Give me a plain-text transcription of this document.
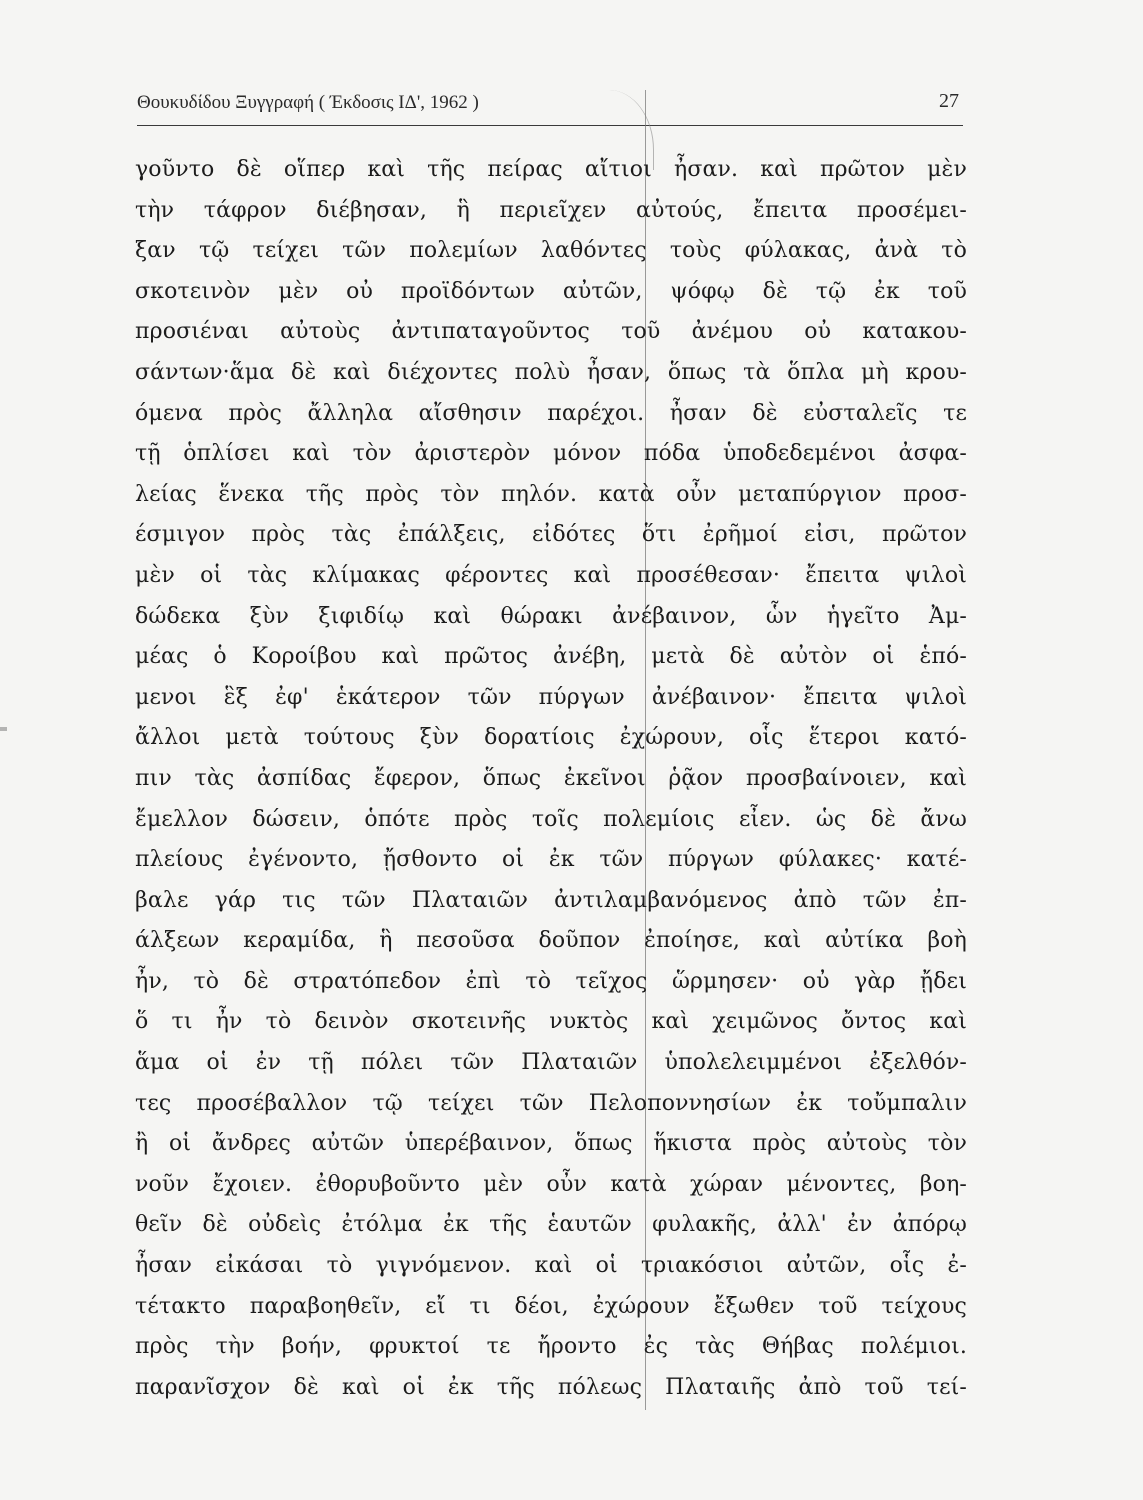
Θουκυδίδου Ξυγγραφή ( Έκδοσις ΙΔ', 1962 )	27
γοῦντο δὲ οἵπερ καὶ τῆς πείρας αἴτιοι ἦσαν. καὶ πρῶτον μὲν
τὴν τάφρον διέβησαν, ἣ περιεῖχεν αὐτούς, ἔπειτα προσέμει-
ξαν τῷ τείχει τῶν πολεμίων λαθόντες τοὺς φύλακας, ἀνὰ τὸ
σκοτεινὸν μὲν οὐ προϊδόντων αὐτῶν, ψόφῳ δὲ τῷ ἐκ τοῦ
προσιέναι αὐτοὺς ἀντιπαταγοῦντος τοῦ ἀνέμου οὐ κατακου-
σάντων·ἅμα δὲ καὶ διέχοντες πολὺ ἦσαν, ὅπως τὰ ὅπλα μὴ κρου-
όμενα πρὸς ἄλληλα αἴσθησιν παρέχοι. ἦσαν δὲ εὐσταλεῖς τε
τῇ ὁπλίσει καὶ τὸν ἀριστερὸν μόνον πόδα ὑποδεδεμένοι ἀσφα-
λείας ἕνεκα τῆς πρὸς τὸν πηλόν. κατὰ οὖν μεταπύργιον προσ-
έσμιγον πρὸς τὰς ἐπάλξεις, εἰδότες ὅτι ἐρῆμοί εἰσι, πρῶτον
μὲν οἱ τὰς κλίμακας φέροντες καὶ προσέθεσαν· ἔπειτα ψιλοὶ
δώδεκα ξὺν ξιφιδίῳ καὶ θώρακι ἀνέβαινον, ὧν ἡγεῖτο Ἀμ-
μέας ὁ Κοροίβου καὶ πρῶτος ἀνέβη, μετὰ δὲ αὐτὸν οἱ ἑπό-
μενοι ἓξ ἐφ' ἑκάτερον τῶν πύργων ἀνέβαινον· ἔπειτα ψιλοὶ
ἄλλοι μετὰ τούτους ξὺν δορατίοις ἐχώρουν, οἷς ἕτεροι κατό-
πιν τὰς ἀσπίδας ἔφερον, ὅπως ἐκεῖνοι ῥᾷον προσβαίνοιεν, καὶ
ἔμελλον δώσειν, ὁπότε πρὸς τοῖς πολεμίοις εἶεν. ὡς δὲ ἄνω
πλείους ἐγένοντο, ᾔσθοντο οἱ ἐκ τῶν πύργων φύλακες· κατέ-
βαλε γάρ τις τῶν Πλαταιῶν ἀντιλαμβανόμενος ἀπὸ τῶν ἐπ-
άλξεων κεραμίδα, ἣ πεσοῦσα δοῦπον ἐποίησε, καὶ αὐτίκα βοὴ
ἦν, τὸ δὲ στρατόπεδον ἐπὶ τὸ τεῖχος ὥρμησεν· οὐ γὰρ ᾔδει
ὅ τι ἦν τὸ δεινὸν σκοτεινῆς νυκτὸς καὶ χειμῶνος ὄντος καὶ
ἅμα οἱ ἐν τῇ πόλει τῶν Πλαταιῶν ὑπολελειμμένοι ἐξελθόν-
τες προσέβαλλον τῷ τείχει τῶν Πελοποννησίων ἐκ τοὔμπαλιν
ἢ οἱ ἄνδρες αὐτῶν ὑπερέβαινον, ὅπως ἥκιστα πρὸς αὐτοὺς τὸν
νοῦν ἔχοιεν. ἐθορυβοῦντο μὲν οὖν κατὰ χώραν μένοντες, βοη-
θεῖν δὲ οὐδεὶς ἐτόλμα ἐκ τῆς ἑαυτῶν φυλακῆς, ἀλλ' ἐν ἀπόρῳ
ἦσαν εἰκάσαι τὸ γιγνόμενον. καὶ οἱ τριακόσιοι αὐτῶν, οἷς ἐ-
τέτακτο παραβοηθεῖν, εἴ τι δέοι, ἐχώρουν ἔξωθεν τοῦ τείχους
πρὸς τὴν βοήν, φρυκτοί τε ἤροντο ἐς τὰς Θήβας πολέμιοι.
παρανῖσχον δὲ καὶ οἱ ἐκ τῆς πόλεως Πλαταιῆς ἀπὸ τοῦ τεί-
